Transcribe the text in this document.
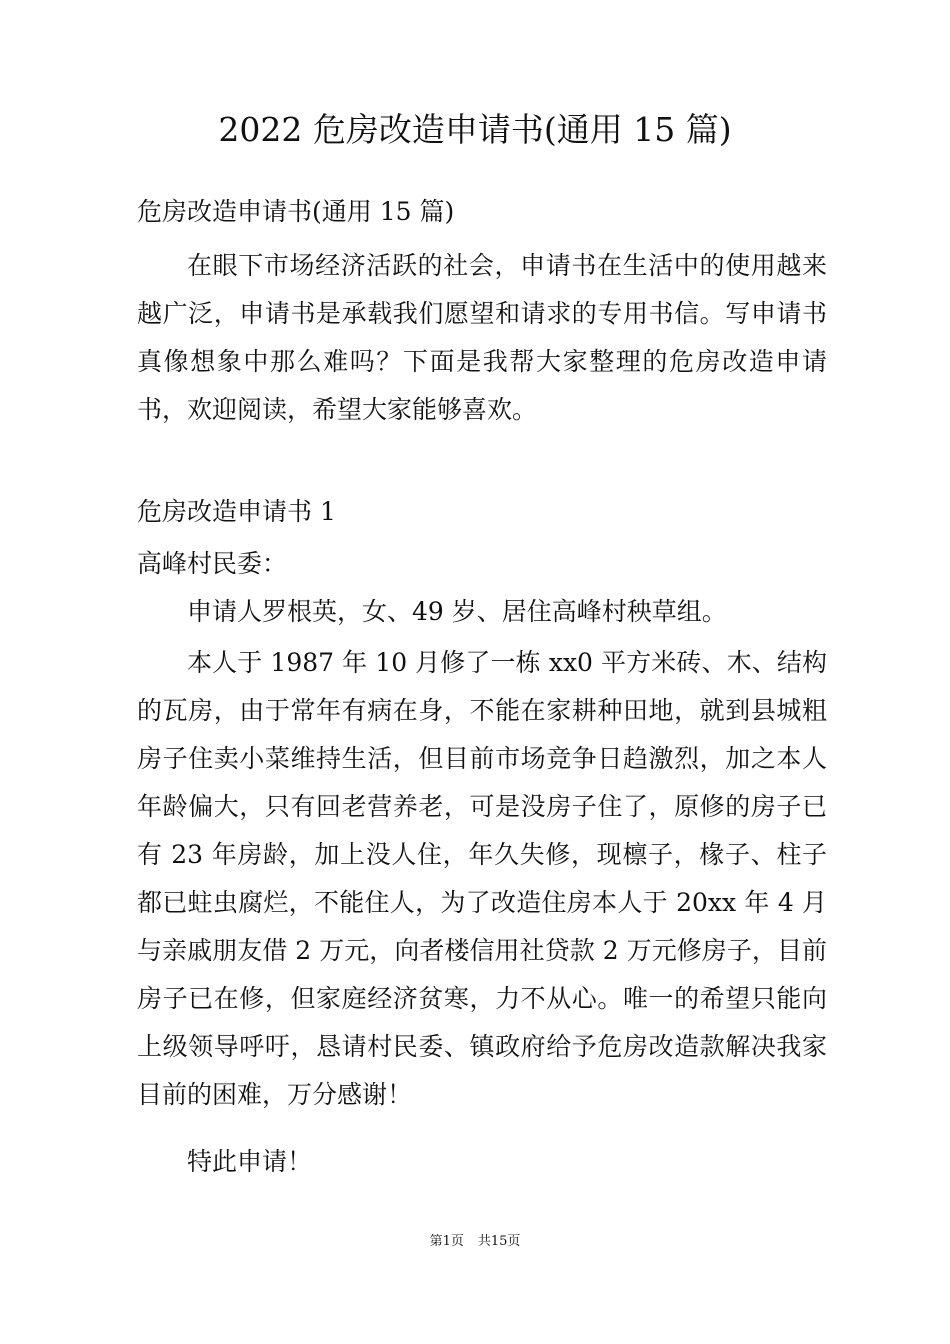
2022 危房改造申请书(通用 15 篇)

危房改造申请书(通用 15 篇)

在眼下市场经济活跃的社会，申请书在生活中的使用越来越广泛，申请书是承载我们愿望和请求的专用书信。写申请书真像想象中那么难吗？下面是我帮大家整理的危房改造申请书，欢迎阅读，希望大家能够喜欢。

危房改造申请书 1

高峰村民委：

申请人罗根英，女、49 岁、居住高峰村秧草组。

本人于 1987 年 10 月修了一栋 xx0 平方米砖、木、结构的瓦房，由于常年有病在身，不能在家耕种田地，就到县城粗房子住卖小菜维持生活，但目前市场竞争日趋激烈，加之本人年龄偏大，只有回老营养老，可是没房子住了，原修的房子已有 23 年房龄，加上没人住，年久失修，现檩子，椽子、柱子都已蛀虫腐烂，不能住人，为了改造住房本人于 20xx 年 4 月与亲戚朋友借 2 万元，向者楼信用社贷款 2 万元修房子，目前房子已在修，但家庭经济贫寒，力不从心。唯一的希望只能向上级领导呼吁，恳请村民委、镇政府给予危房改造款解决我家目前的困难，万分感谢！

特此申请！

第1页 共15页
